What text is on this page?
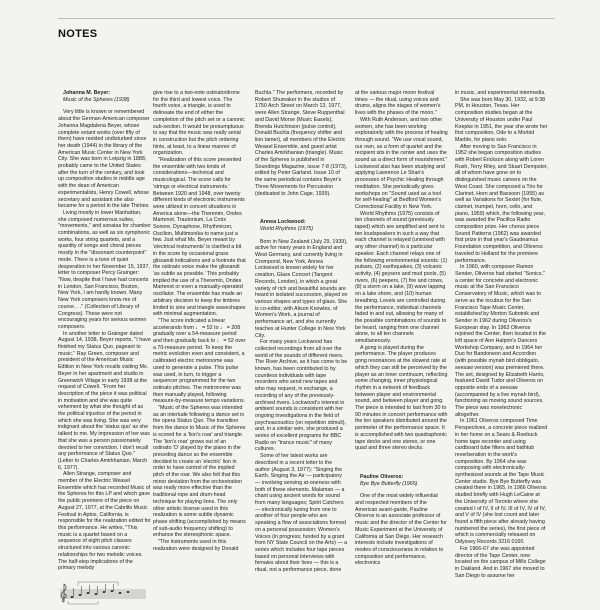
NOTES

Johanna M. Beyer:

Music of the Spheres (1938)

Very little is known or remembered about the German-American composer Johanna Magdalena Beyer, whose complete extant works (over fifty of them) have resided undisturbed since her death (1944) in the library of the American Music Center in New York City. She was born in Leipzig in 1888, probably came to the United States after the turn of the century, and took up composition studies in middle age with the dean of American experimentalists, Henry Cowell, whose secretary and assistant she also became for a period in the late Thirties.

Living mostly in lower Manhattan, she composed numerous suites, ''movements,'' and sonatas for chamber combinations, as well as six symphonic works, four string quartets, and a quantity of songs and choral pieces mostly in the ''dissonant counterpoint'' mode. There is a tone of quiet desperation in her November 15, 1937, letter to composer Percy Grainger: ''Now, despite that I have had concerts in London, San Francisco, Boston, New York, I am hardly known. Many New York composers know me of course. . .'' (Collection of Library of Congress). These were not encouraging years for serious women composers.

In another letter to Grainger dated August 14, 1938, Beyer reports, ''I have finished my Status Quo, pageant to music.'' Ray Green, composer and president of the American Music Edition in New York recalls visiting Ms. Beyer in her apartment and studio in Greenwich Village in early 1938 at the request of Cowell. ''From her description of the piece it was political in motivation and she was quite vehement by what she thought of as the political injustice of the period in which she was living. She was very indignant about the 'status quo' as she talked to me. My impression of her was that she was a person passionately devoted to her conviction. I don't recall any performance of Status Quo.'' (Letter to Charles Amirkhanian, March 6, 1977).

Allen Strange, composer and member of the Electric Weasel Ensemble which has recorded Music of the Spheres for this LP and which gave the public premiere of the piece on August 27, 1977, at the Cabrillo Music Festival in Aptos, California, is responsible for the realization edited for this performance. He writes, ''This music is a quartet based on a sequence of eight pitch classes structured into various canonic relationships for two melodic voices. The half-step implications of the primary melody

give rise to a two-note ostinato/drone for the third and lowest voice. The fourth voice, a triangle, is used to delineate the end of either the completion of the pitch set or a canonic sub-section. It would be presumptuous to say that the music was really serial in construction but the pitch ordering hints, at least, to a linear manner of organization.

''Realization of this score presented the ensemble with two kinds of considerations—technical and musicological. The score calls for 'strings or electrical instruments.' Between 1920 and 1948, over twenty different kinds of electronic instruments were utilized in concert situations in America alone—the Theremin, Ondes Martenot, Trautonium, La Croix Sonore, Dynaphone, Rhythmicon, Oscilion, Multimonika to name just a few. Just what Ms. Beyer meant by 'electrical instruments' is clarified a bit in the score by occasional grass glissandi indications and a footnote that the ostinato voice make the glissandi 'as subtle as possible.' This probably implied the use of a Theremin, Ondes Martenot or even a manually-operated oscillator. The ensemble has made an arbitrary decision to keep the timbres limited to sine and triangle waveshapes with minimal augmentation.

''The score indicated a linear accelerando from ♩ = 52 to ♩ = 208 gradually over a 54-measure period and then gradually back to ♩ = 52 over a 70-measure period. To keep the metric evolution even and consistent, a calibrated electric metronome was used to generate a pulse. This pulse was used, in turn, to trigger a sequencer programmed for the two ostinato pitches. The metronome was then manually played, following measure-by-measure tempo variations.

''Music of the Spheres was intended as an interlude following a dance set in the opera Status Quo. The transition from the dance to Music of the Spheres is scored for a 'lion's roar' and triangle. The 'lion's roar' grows out of an ostinato 'D' played by the piano in the preceding dance so the ensemble decided to create an 'electric' lion in order to have control of the implied pitch of the roar. We also felt that this minor deviation from the orchestration was really more effective than the traditional rope and drum-head technique for playing lions. The only other artistic license used in this realization is some subtle dynamic phase shifting (accomplished by means of sub-audio frequency shifting) to enhance the stereophonic space.

''The instruments used in this realization were designed by Donald

Buchla.'' The performers, recorded by Robert Shumaker in the studios of 1750 Arch Street on March 13, 1977, were Allen Strange, Steve Ruppenthal and David Morse (Music Easels), Brenda Hutchinson (pulse control), Donald Buchla (frequency shifter and lion tamer), all members of the Electric Weasel Ensemble, and guest artist Charles Amirkhanian (triangle). Music of the Spheres is published in Soundings Magazine, issue 7-8 (1973), edited by Peter Garland. Issue 10 of the same periodical contains Beyer's Three Movements for Percussion (dedicated to John Cage, 1939).

Annea Lockwood:

World Rhythms (1975)

Born in New Zealand (July 29, 1939), active for many years in England and West Germany, and currently living in Crompond, New York, Annea Lockwood is known widely for her creation, Glass Concert (Tangent Records, London), in which a great variety of rich and beautiful sounds are heard in isolated succession, played on various shapes and types of glass. She is co-editor, with Alison Knowles, of Women's Work, a journal of performance art, and she currently teaches at Hunter College in New York City.

For many years Lockwood has collected recordings from all over the world of the sounds of different rivers. The River Archive, as it has come to be known, has been contributed to by countless individuals with tape recorders who send new tapes and who may request, in exchange, a recording of any of the previously-archived rivers. Lockwood's interest in ambient sounds is consistent with her ongoing investigations in the field of psychoacoustics (on repetition stimuli), and, in a similar vein, she produced a series of excellent programs for BBC Radio on ''trance music'' of many cultures.

Some of her latest works are described in a recent letter to the author (August 3, 1977): ''Singing the Earth, Singing the Air — participatory — involving sensing at-oneness with both of these elements. Malaman — a chant using ancient words for sound from many languages; Spirit Catchers — electronically tuning from one to another of four people who are speaking a flow of associations formed on a personal possession; Women's Voices (in progress; funded by a grant from NY State Council on the Arts) — a series which includes four tape pieces based on personal interviews with females about their lives — this is a ritual, not a performance piece, done

at the various major moon festival times — the ritual, using voices and drums, aligns the stages of women's lives with the phases of the moon.''

With Ruth Anderson, and two other women, she has been working exploratorily with the process of healing through sound. ''We use vocal sound, our own, as a form of quartet and the recipient sits in the center and uses the sound as a direct form of nourishment.'' Lockwood also has been studying and applying Lawrence Le Shan's processes of Psychic Healing through meditation. She periodically gives workshops on ''Sound used as a tool for self-healing'' at Bedford Women's Correctional Facility in New York.

World Rhythms (1975) consists of ten channels of sound (previously taped) which are amplified and sent to ten loudspeakers in such a way that each channel is relayed (unmixed with any other channel) to a particular speaker. Each channel relays one of the following environmental sounds: (1) pulsars, (2) earthquakes, (3) volcanic activity, (4) geysers and mud pools, (5) rivers, (6) peepers, (7) fire and crows, (8) a storm on a lake, (9) wave lapping on a lake shore, and (10) human breathing. Levels are controlled during the performance, individual channels faded in and out, allowing for many of the possible combinations of sounds to be heard, ranging from one channel alone, to all ten channels simultaneously.

A gong is played during the performance. The player produces gong resonances at the slowest rate at which they can still be perceived by the player as an inner continuum, reflecting some changing, inner physiological rhythm in a network of feedback between player and environmental sound, and between player and gong. The piece is intended to last from 30 to 90 minutes in concert performance with the ten speakers distributed around the perimeter of the performance space. It is accomplished with two quadraphonic tape decks and one stereo, or one quad and three stereo decks.

Pauline Oliveros:

Bye Bye Butterfly (1965)

One of the most widely influential and respected members of the American avant-garde, Pauline Oliveros is an associate professor of music and the director of the Center for Music Experiment at the University of California at San Diego. Her research interests include investigations of modes of consciousness in relation to composition and performance, electronics

in music, and experimental intermedia.

She was born May 30, 1932, at 9:38 PM, in Houston, Texas. Her composition studies began at the University of Houston under Paul Koepke in 1951, the year she wrote her first composition, Ode to a Morbid Marble, for piano solo.

After moving to San Francisco in 1952 she began composition studies with Robert Erickson along with Loren Rush, Terry Riley, and Stuart Dempster, all of whom have gone on to distinguished music careers on the West Coast. She composed a Trio for Clarinet, Horn and Bassoon (1955) as well as Variations for Sextet (for flute, clarinet, trumpet, horn, cello, and piano, 1959) which, the following year, was awarded the Pacifica Radio composition prize. Her chorus piece Sound Patterns (1962) was awarded first prize in that year's Gaudeamus Foundation competition, and Oliveros traveled to Holland for the premiere performance.

In 1960, with composer Ramon Sender, Oliveros had started ''Sonics,'' a center for concrete and electronic music at the San Francisco Conservatory of Music, which was to serve as the incubus for the San Francisco Tape Music Center, established by Morton Subotnik and Sender in 1962 during Oliveros's European stay. In 1963 Oliveros rejoined the Center, then located in the loft space of Ann Halprin's Dancers Workshop Company, and in 1964 her Duo for Bandoneon and Accordion (with possible mynah bird obbligato, seesaw version) was premiered there. The set, designed by Elizabeth Harris, featured David Tudor and Oliveros on opposite ends of a seesaw (accompanied by a live mynah bird), functioning as moving sound sources. The piece was nonelectronic altogether.

In 1961 Oliveros composed Time Perspectives, a concrete piece realized in her home on a Sears & Roebuck home tape recorder and using cardboard tube filters and bathtub reverberation in the work's composition. By 1964 she was composing with electronically-synthesized sounds at the Tape Music Center studio. Bye Bye Butterfly was created there in 1965. In 1966 Oliveros studied briefly with Hugh LeCaine at the University of Toronto where she created I of IV, II of IV, III of IV, IV of IV, and V of IV (she lost count and later found a fifth piece after already having numbered the series), the first piece of which is commercially released on Odyssey Records 3216 0160.

For 1966-67 she was appointed director of the Tape Center, now located on the campus of Mills College in Oakland. And in 1967 she moved to San Diego to assume her
